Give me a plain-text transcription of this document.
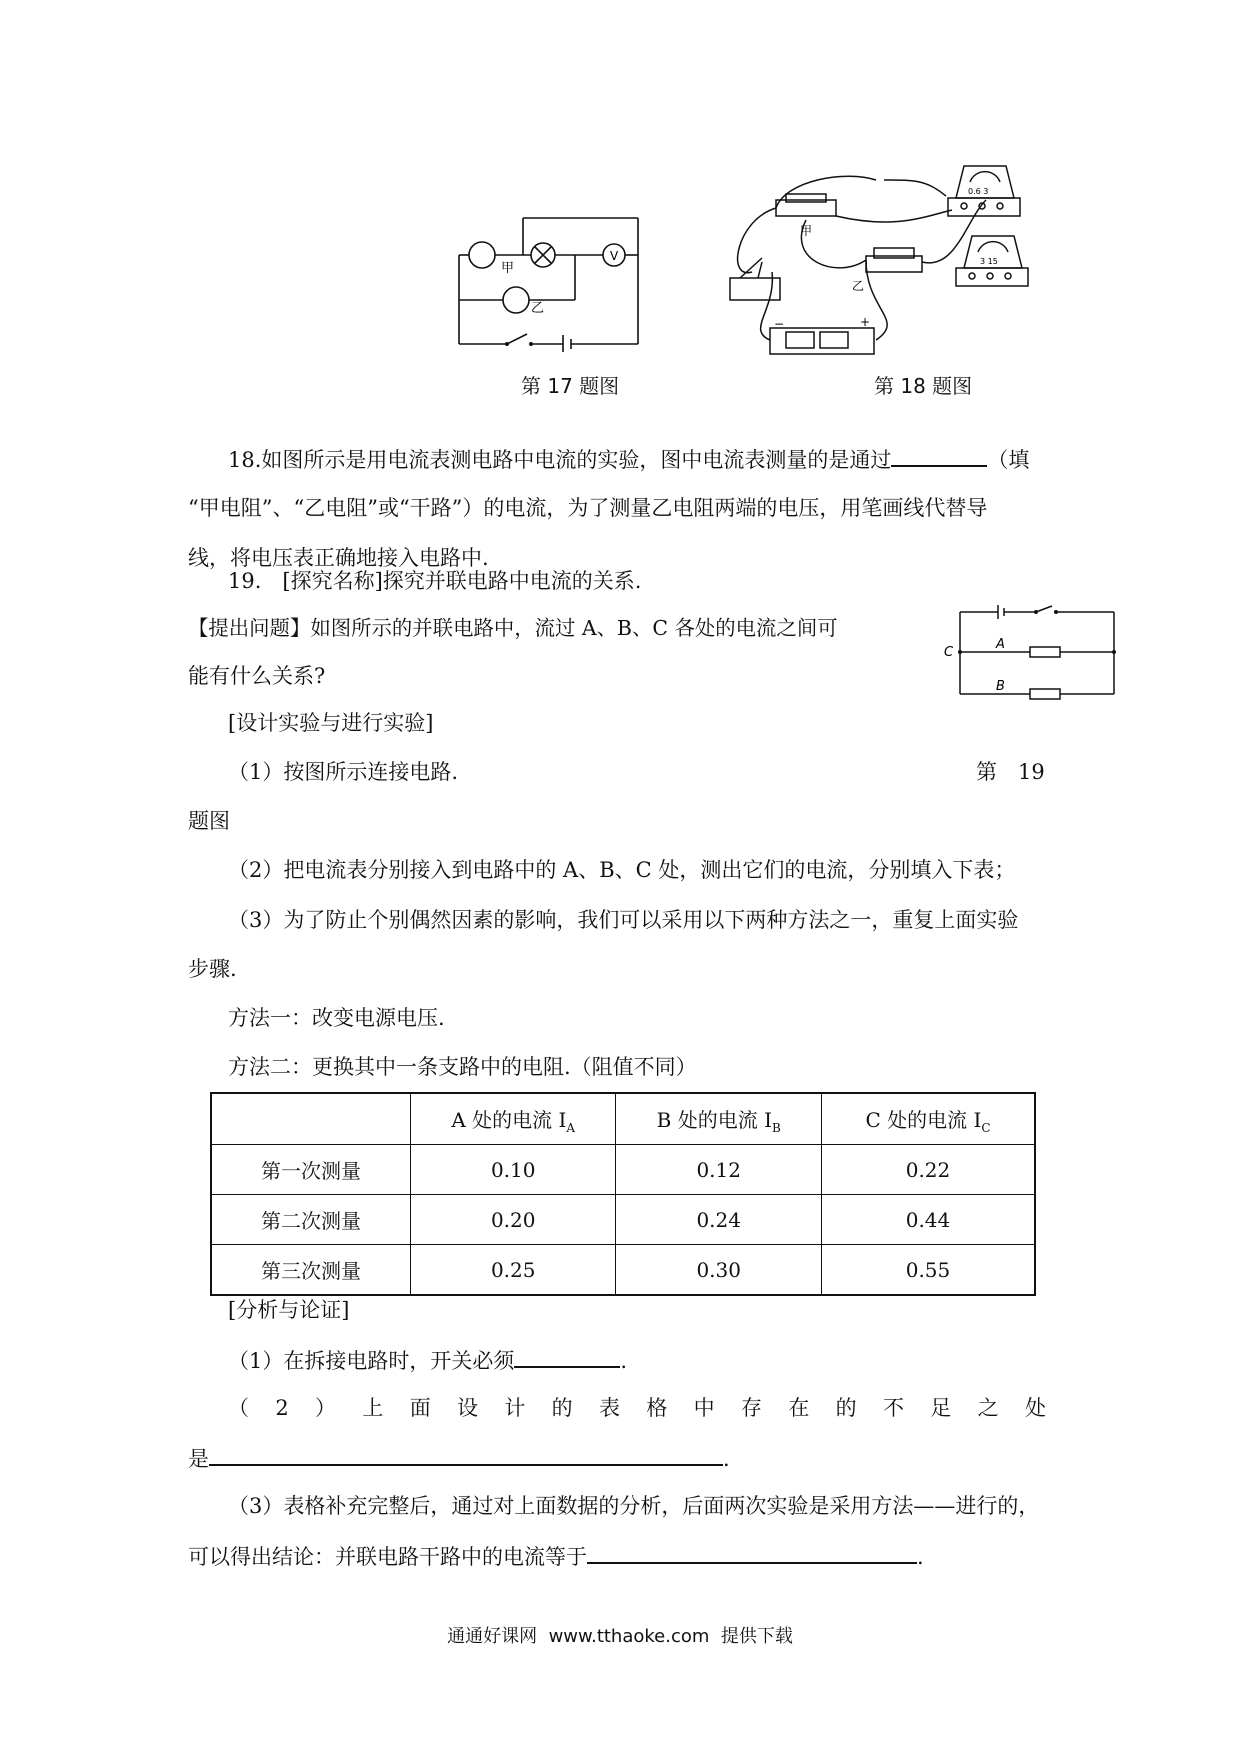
甲
V
乙
第 17 题图
甲
乙
0.6 3
3 15
−	+
第 18 题图
18.如图所示是用电流表测电路中电流的实验，图中电流表测量的是通过	（填
“甲电阻”、“乙电阻”或“干路”）的电流，为了测量乙电阻两端的电压，用笔画线代替导
线，将电压表正确地接入电路中.
19.　[探究名称]探究并联电路中电流的关系.
【提出问题】如图所示的并联电路中，流过 A、B、C 各处的电流之间可
能有什么关系?
C
A
B
[设计实验与进行实验]
（1）按图所示连接电路.	第　19
题图
（2）把电流表分别接入到电路中的 A、B、C 处，测出它们的电流，分别填入下表；
（3）为了防止个别偶然因素的影响，我们可以采用以下两种方法之一，重复上面实验
步骤.
方法一：改变电源电压.
方法二：更换其中一条支路中的电阻.（阻值不同）
	A 处的电流 $I_A$	B 处的电流 $I_B$	C 处的电流 $I_C$
第一次测量	0.10	0.12	0.22
第二次测量	0.20	0.24	0.44
第三次测量	0.25	0.30	0.55
[分析与论证]
（1）在拆接电路时，开关必须	.
（ 2 ） 上 面 设 计 的 表 格 中 存 在 的 不 足 之 处
是	.
（3）表格补充完整后，通过对上面数据的分析，后面两次实验是采用方法——进行的，
可以得出结论：并联电路干路中的电流等于	.
通通好课网  www.tthaoke.com  提供下载
